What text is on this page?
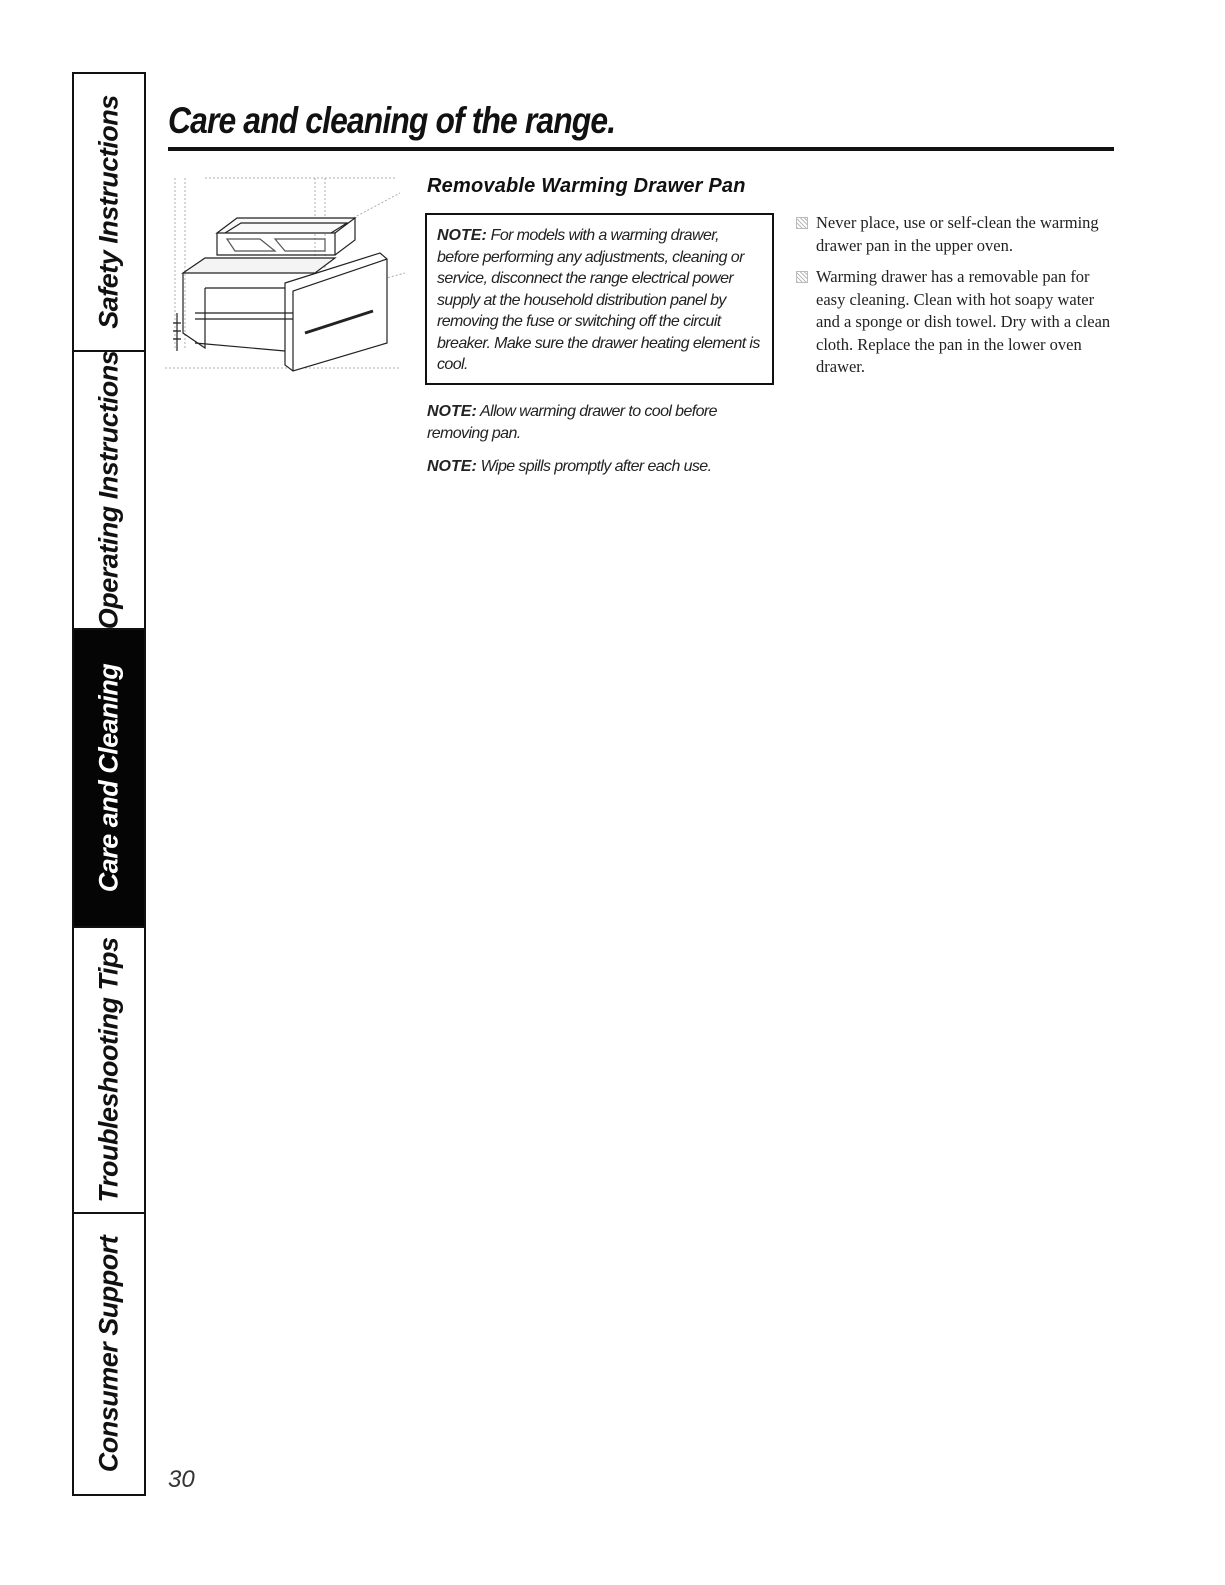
Safety Instructions
Operating Instructions
Care and Cleaning
Troubleshooting Tips
Consumer Support
Care and cleaning of the range.
Removable Warming Drawer Pan

NOTE: For models with a warming drawer, before performing any adjustments, cleaning or service, disconnect the range electrical power supply at the household distribution panel by removing the fuse or switching off the circuit breaker. Make sure the drawer heating element is cool.

NOTE: Allow warming drawer to cool before removing pan.

NOTE: Wipe spills promptly after each use.

Never place, use or self-clean the warming drawer pan in the upper oven.
Warming drawer has a removable pan for easy cleaning. Clean with hot soapy water and a sponge or dish towel. Dry with a clean cloth. Replace the pan in the lower oven drawer.
30
